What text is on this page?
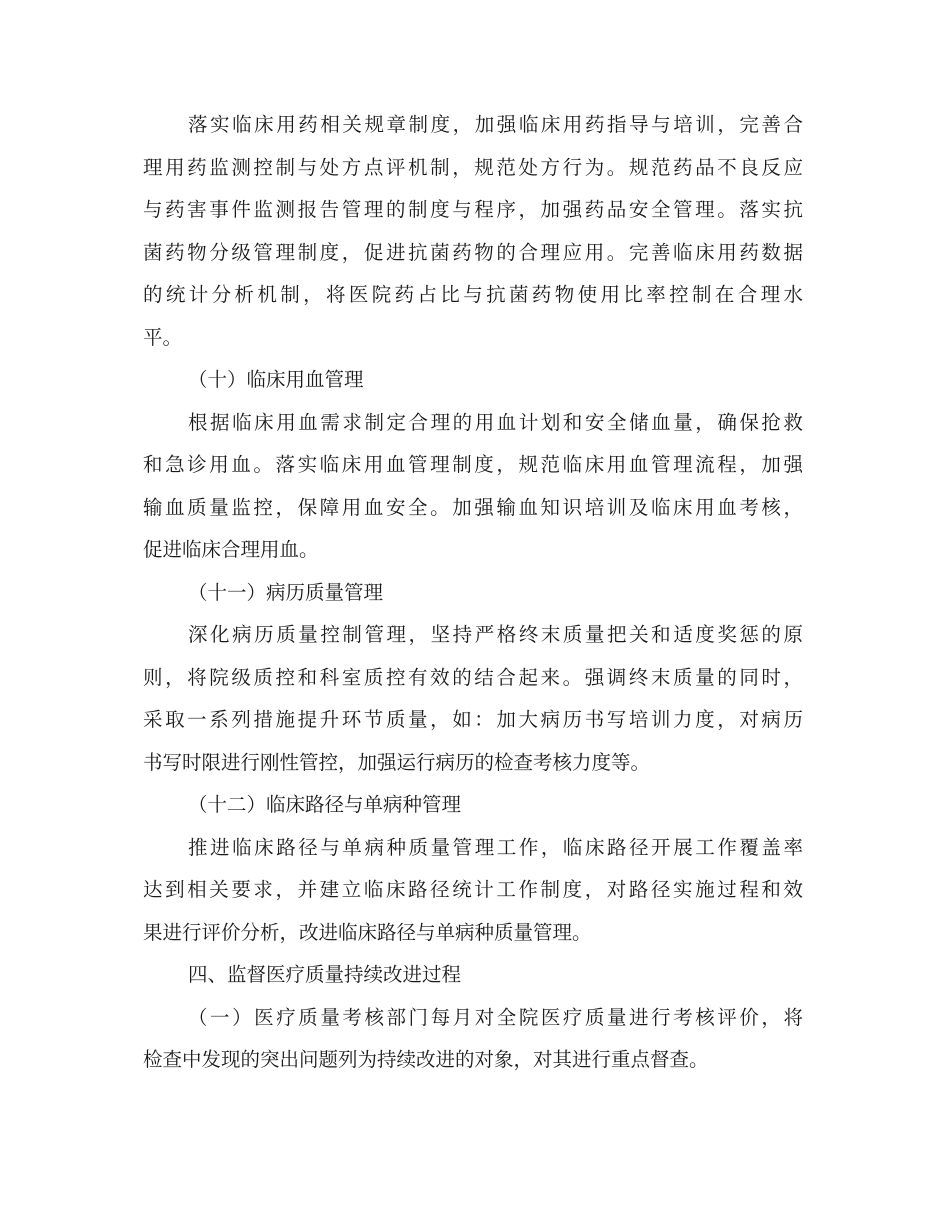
落实临床用药相关规章制度，加强临床用药指导与培训，完善合
理用药监测控制与处方点评机制，规范处方行为。规范药品不良反应
与药害事件监测报告管理的制度与程序，加强药品安全管理。落实抗
菌药物分级管理制度，促进抗菌药物的合理应用。完善临床用药数据
的统计分析机制，将医院药占比与抗菌药物使用比率控制在合理水
平。
（十）临床用血管理
根据临床用血需求制定合理的用血计划和安全储血量，确保抢救
和急诊用血。落实临床用血管理制度，规范临床用血管理流程，加强
输血质量监控，保障用血安全。加强输血知识培训及临床用血考核，
促进临床合理用血。
（十一）病历质量管理
深化病历质量控制管理，坚持严格终末质量把关和适度奖惩的原
则，将院级质控和科室质控有效的结合起来。强调终末质量的同时，
采取一系列措施提升环节质量，如：加大病历书写培训力度，对病历
书写时限进行刚性管控，加强运行病历的检查考核力度等。
（十二）临床路径与单病种管理
推进临床路径与单病种质量管理工作，临床路径开展工作覆盖率
达到相关要求，并建立临床路径统计工作制度，对路径实施过程和效
果进行评价分析，改进临床路径与单病种质量管理。
四、监督医疗质量持续改进过程
（一）医疗质量考核部门每月对全院医疗质量进行考核评价，将
检查中发现的突出问题列为持续改进的对象，对其进行重点督查。
